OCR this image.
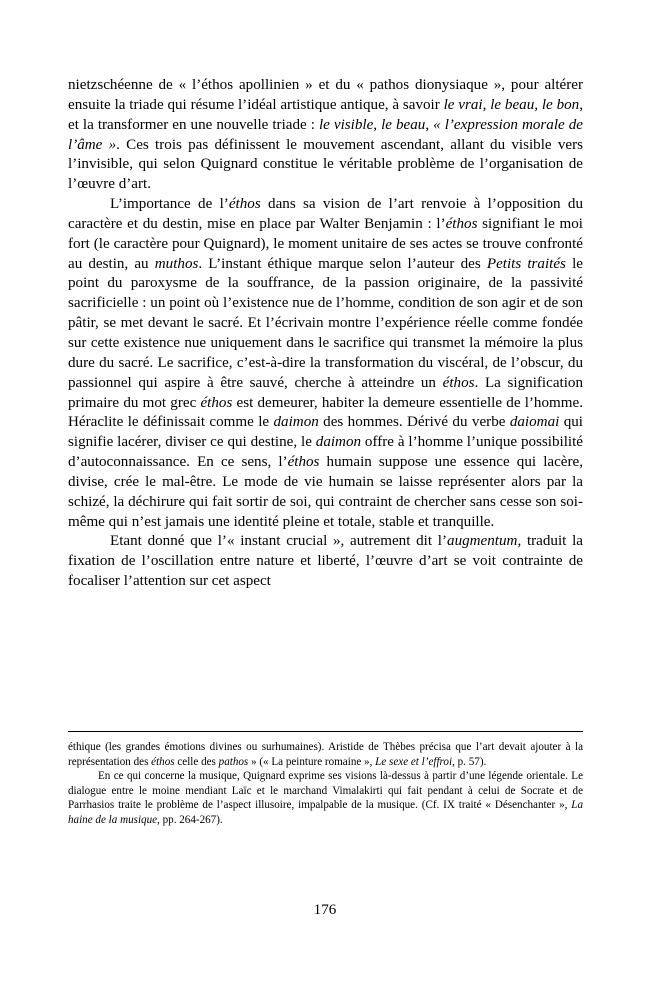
nietzschéenne de « l’éthos apollinien » et du « pathos dionysiaque », pour altérer ensuite la triade qui résume l’idéal artistique antique, à savoir le vrai, le beau, le bon, et la transformer en une nouvelle triade : le visible, le beau, « l’expression morale de l’âme ». Ces trois pas définissent le mouvement ascendant, allant du visible vers l’invisible, qui selon Quignard constitue le véritable problème de l’organisation de l’œuvre d’art.

L’importance de l’éthos dans sa vision de l’art renvoie à l’opposition du caractère et du destin, mise en place par Walter Benjamin : l’éthos signifiant le moi fort (le caractère pour Quignard), le moment unitaire de ses actes se trouve confronté au destin, au muthos. L’instant éthique marque selon l’auteur des Petits traités le point du paroxysme de la souffrance, de la passion originaire, de la passivité sacrificielle : un point où l’existence nue de l’homme, condition de son agir et de son pâtir, se met devant le sacré. Et l’écrivain montre l’expérience réelle comme fondée sur cette existence nue uniquement dans le sacrifice qui transmet la mémoire la plus dure du sacré. Le sacrifice, c’est-à-dire la transformation du viscéral, de l’obscur, du passionnel qui aspire à être sauvé, cherche à atteindre un éthos. La signification primaire du mot grec éthos est demeurer, habiter la demeure essentielle de l’homme. Héraclite le définissait comme le daimon des hommes. Dérivé du verbe daiomai qui signifie lacérer, diviser ce qui destine, le daimon offre à l’homme l’unique possibilité d’autoconnaissance. En ce sens, l’éthos humain suppose une essence qui lacère, divise, crée le mal-être. Le mode de vie humain se laisse représenter alors par la schizé, la déchirure qui fait sortir de soi, qui contraint de chercher sans cesse son soi-même qui n’est jamais une identité pleine et totale, stable et tranquille.

Etant donné que l’« instant crucial », autrement dit l’augmentum, traduit la fixation de l’oscillation entre nature et liberté, l’œuvre d’art se voit contrainte de focaliser l’attention sur cet aspect

éthique (les grandes émotions divines ou surhumaines). Aristide de Thèbes précisa que l’art devait ajouter à la représentation des éthos celle des pathos » (« La peinture romaine », Le sexe et l’effroi, p. 57).

En ce qui concerne la musique, Quignard exprime ses visions là-dessus à partir d’une légende orientale. Le dialogue entre le moine mendiant Laïc et le marchand Vimalakirti qui fait pendant à celui de Socrate et de Parrhasios traite le problème de l’aspect illusoire, impalpable de la musique. (Cf. IX traité « Désenchanter », La haine de la musique, pp. 264-267).

176
